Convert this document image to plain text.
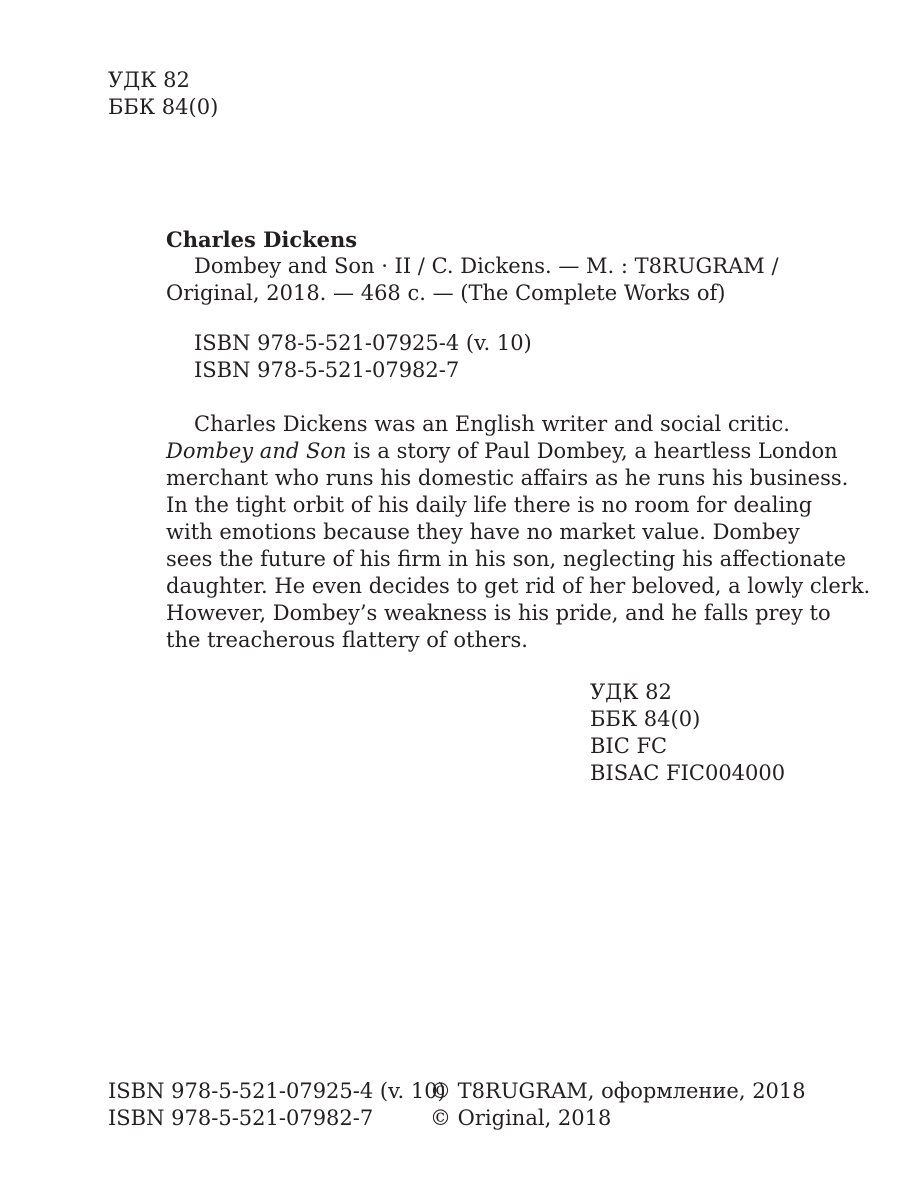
УДК 82
ББК 84(0)
Charles Dickens
Dombey and Son · II / C. Dickens. — M. : T8RUGRAM /
Original, 2018. — 468 с. — (The Complete Works of)
ISBN 978-5-521-07925-4 (v. 10)
ISBN 978-5-521-07982-7
Charles Dickens was an English writer and social critic.
Dombey and Son is a story of Paul Dombey, a heartless London
merchant who runs his domestic affairs as he runs his business.
In the tight orbit of his daily life there is no room for dealing
with emotions because they have no market value. Dombey
sees the future of his firm in his son, neglecting his affectionate
daughter. He even decides to get rid of her beloved, a lowly clerk.
However, Dombey’s weakness is his pride, and he falls prey to
the treacherous flattery of others.
УДК 82
ББК 84(0)
BIC FC
BISAC FIC004000
ISBN 978-5-521-07925-4 (v. 10)
ISBN 978-5-521-07982-7
© T8RUGRAM, оформление, 2018
© Original, 2018
